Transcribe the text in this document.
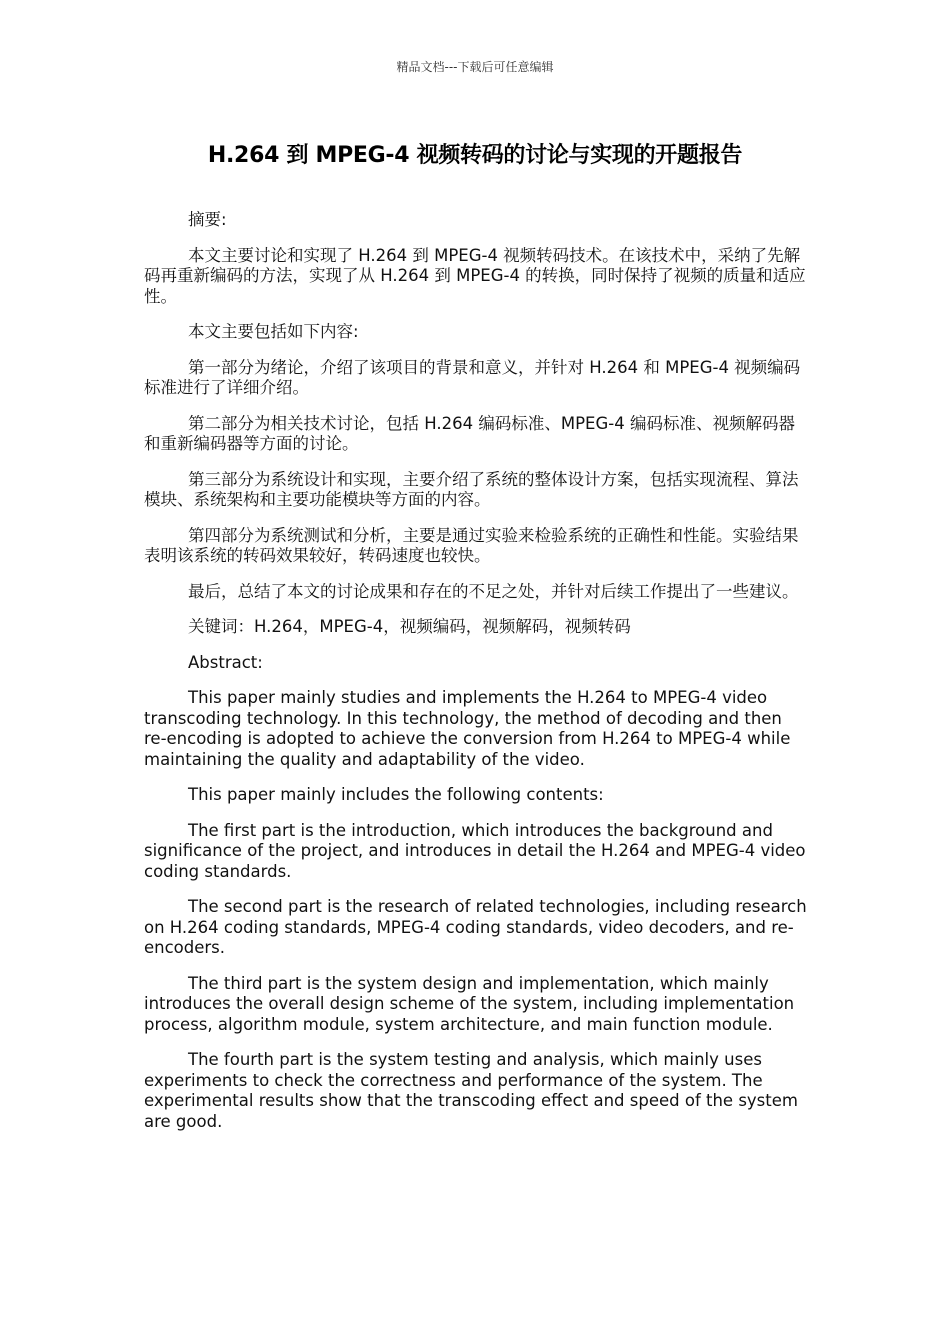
精品文档---下载后可任意编辑
H.264 到 MPEG-4 视频转码的讨论与实现的开题报告

摘要:

本文主要讨论和实现了 H.264 到 MPEG-4 视频转码技术。在该技术中，采纳了先解码再重新编码的方法，实现了从 H.264 到 MPEG-4 的转换，同时保持了视频的质量和适应性。

本文主要包括如下内容:

第一部分为绪论，介绍了该项目的背景和意义，并针对 H.264 和 MPEG-4 视频编码标准进行了详细介绍。

第二部分为相关技术讨论，包括 H.264 编码标准、MPEG-4 编码标准、视频解码器和重新编码器等方面的讨论。

第三部分为系统设计和实现，主要介绍了系统的整体设计方案，包括实现流程、算法模块、系统架构和主要功能模块等方面的内容。

第四部分为系统测试和分析，主要是通过实验来检验系统的正确性和性能。实验结果表明该系统的转码效果较好，转码速度也较快。

最后，总结了本文的讨论成果和存在的不足之处，并针对后续工作提出了一些建议。

关键词：H.264，MPEG-4，视频编码，视频解码，视频转码

Abstract:

This paper mainly studies and implements the H.264 to MPEG-4 video transcoding technology. In this technology, the method of decoding and then re-encoding is adopted to achieve the conversion from H.264 to MPEG-4 while maintaining the quality and adaptability of the video.

This paper mainly includes the following contents:

The first part is the introduction, which introduces the background and significance of the project, and introduces in detail the H.264 and MPEG-4 video coding standards.

The second part is the research of related technologies, including research on H.264 coding standards, MPEG-4 coding standards, video decoders, and re-encoders.

The third part is the system design and implementation, which mainly introduces the overall design scheme of the system, including implementation process, algorithm module, system architecture, and main function module.

The fourth part is the system testing and analysis, which mainly uses experiments to check the correctness and performance of the system. The experimental results show that the transcoding effect and speed of the system are good.
